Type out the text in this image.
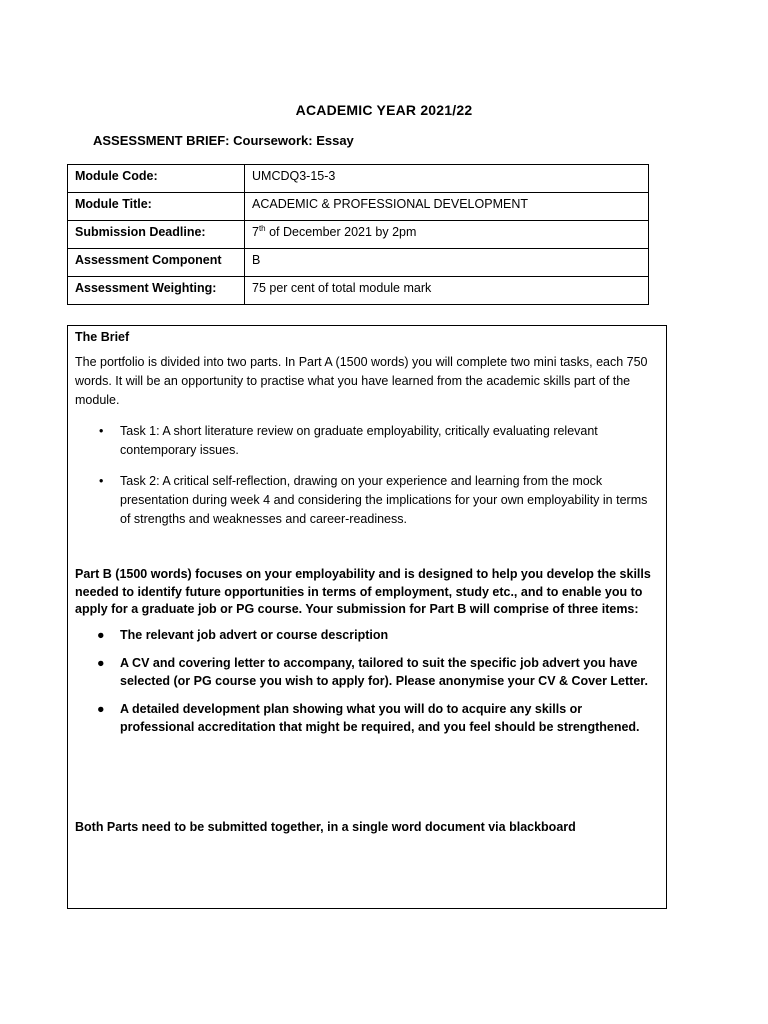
ACADEMIC YEAR 2021/22
ASSESSMENT BRIEF: Coursework: Essay
Module Code:	UMCDQ3-15-3
Module Title:	ACADEMIC & PROFESSIONAL DEVELOPMENT
Submission Deadline:	7th of December 2021 by 2pm
Assessment Component	B
Assessment Weighting:	75 per cent of total module mark
The Brief

The portfolio is divided into two parts. In Part A (1500 words) you will complete two mini tasks, each 750 words. It will be an opportunity to practise what you have learned from the academic skills part of the module.

• Task 1: A short literature review on graduate employability, critically evaluating relevant contemporary issues.
• Task 2: A critical self-reflection, drawing on your experience and learning from the mock presentation during week 4 and considering the implications for your own employability in terms of strengths and weaknesses and career-readiness.

Part B (1500 words) focuses on your employability and is designed to help you develop the skills needed to identify future opportunities in terms of employment, study etc., and to enable you to apply for a graduate job or PG course. Your submission for Part B will comprise of three items:

● The relevant job advert or course description
● A CV and covering letter to accompany, tailored to suit the specific job advert you have selected (or PG course you wish to apply for). Please anonymise your CV & Cover Letter.
● A detailed development plan showing what you will do to acquire any skills or professional accreditation that might be required, and you feel should be strengthened.
Both Parts need to be submitted together, in a single word document via blackboard
